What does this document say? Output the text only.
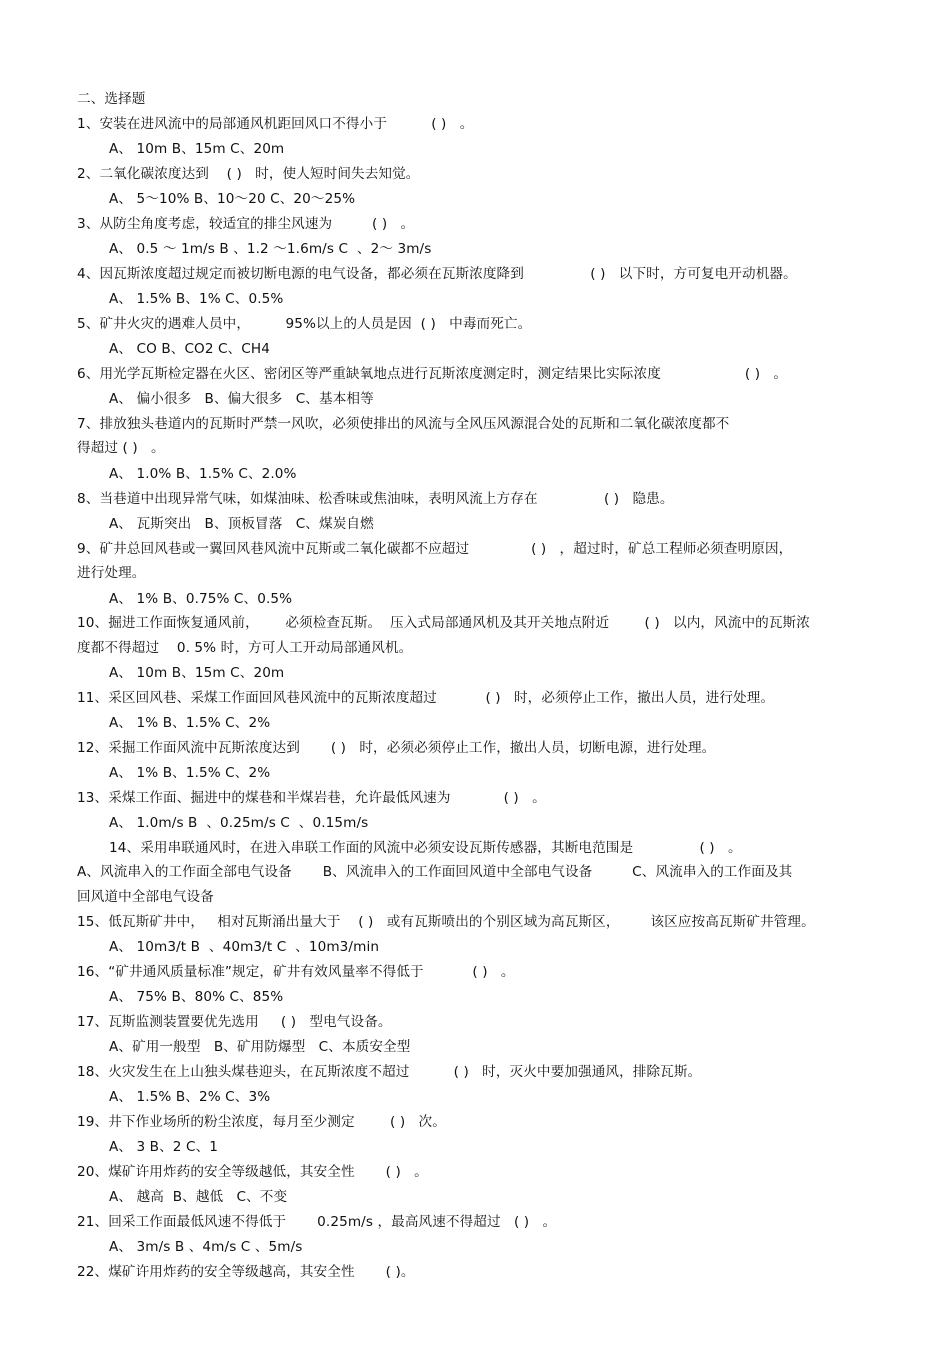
二、选择题
1、安装在进风流中的局部通风机距回风口不得小于          ( )   。
A、 10m B、15m C、20m
2、二氧化碳浓度达到    ( )   时，使人短时间失去知觉。
A、 5～10% B、10～20 C、20～25%
3、从防尘角度考虑，较适宜的排尘风速为         ( )   。
A、 0.5 ～ 1m/s B 、1.2 ～1.6m/s C  、2～ 3m/s
4、因瓦斯浓度超过规定而被切断电源的电气设备，都必须在瓦斯浓度降到               ( )   以下时，方可复电开动机器。
A、 1.5% B、1% C、0.5%
5、矿井火灾的遇难人员中，        95%以上的人员是因  ( )   中毒而死亡。
A、 CO B、CO2 C、CH4
6、用光学瓦斯检定器在火区、密闭区等严重缺氧地点进行瓦斯浓度测定时，测定结果比实际浓度                   ( )   。
A、 偏小很多   B、偏大很多   C、基本相等
7、排放独头巷道内的瓦斯时严禁一风吹，必须使排出的风流与全风压风源混合处的瓦斯和二氧化碳浓度都不
得超过 ( )   。
A、 1.0% B、1.5% C、2.0%
8、当巷道中出现异常气味，如煤油味、松香味或焦油味，表明风流上方存在               ( )   隐患。
A、 瓦斯突出   B、顶板冒落   C、煤炭自燃
9、矿井总回风巷或一翼回风巷风流中瓦斯或二氧化碳都不应超过              ( )   ，超过时，矿总工程师必须查明原因，
进行处理。
A、 1% B、0.75% C、0.5%
10、掘进工作面恢复通风前，      必须检查瓦斯。  压入式局部通风机及其开关地点附近        ( )   以内，风流中的瓦斯浓
度都不得超过    0. 5% 时，方可人工开动局部通风机。
A、 10m B、15m C、20m
11、采区回风巷、采煤工作面回风巷风流中的瓦斯浓度超过           ( )   时，必须停止工作，撤出人员，进行处理。
A、 1% B、1.5% C、2%
12、采掘工作面风流中瓦斯浓度达到       ( )   时，必须必须停止工作，撤出人员，切断电源，进行处理。
A、 1% B、1.5% C、2%
13、采煤工作面、掘进中的煤巷和半煤岩巷，允许最低风速为            ( )   。
A、 1.0m/s B  、0.25m/s C  、0.15m/s
14、采用串联通风时，在进入串联工作面的风流中必须安设瓦斯传感器，其断电范围是               ( )   。
A、风流串入的工作面全部电气设备       B、风流串入的工作面回风道中全部电气设备         C、风流串入的工作面及其
回风道中全部电气设备
15、低瓦斯矿井中，   相对瓦斯涌出量大于    ( )   或有瓦斯喷出的个别区域为高瓦斯区，       该区应按高瓦斯矿井管理。
A、 10m3/t B  、40m3/t C  、10m3/min
16、“矿井通风质量标准”规定，矿井有效风量率不得低于           ( )   。
A、 75% B、80% C、85%
17、瓦斯监测装置要优先选用     ( )   型电气设备。
A、矿用一般型   B、矿用防爆型   C、本质安全型
18、火灾发生在上山独头煤巷迎头，在瓦斯浓度不超过          ( )   时，灭火中要加强通风，排除瓦斯。
A、 1.5% B、2% C、3%
19、井下作业场所的粉尘浓度，每月至少测定        ( )   次。
A、 3 B、2 C、1
20、煤矿许用炸药的安全等级越低，其安全性       ( )   。
A、 越高  B、越低   C、不变
21、回采工作面最低风速不得低于       0.25m/s ，最高风速不得超过   ( )   。
A、 3m/s B 、4m/s C 、5m/s
22、煤矿许用炸药的安全等级越高，其安全性       ( )。
